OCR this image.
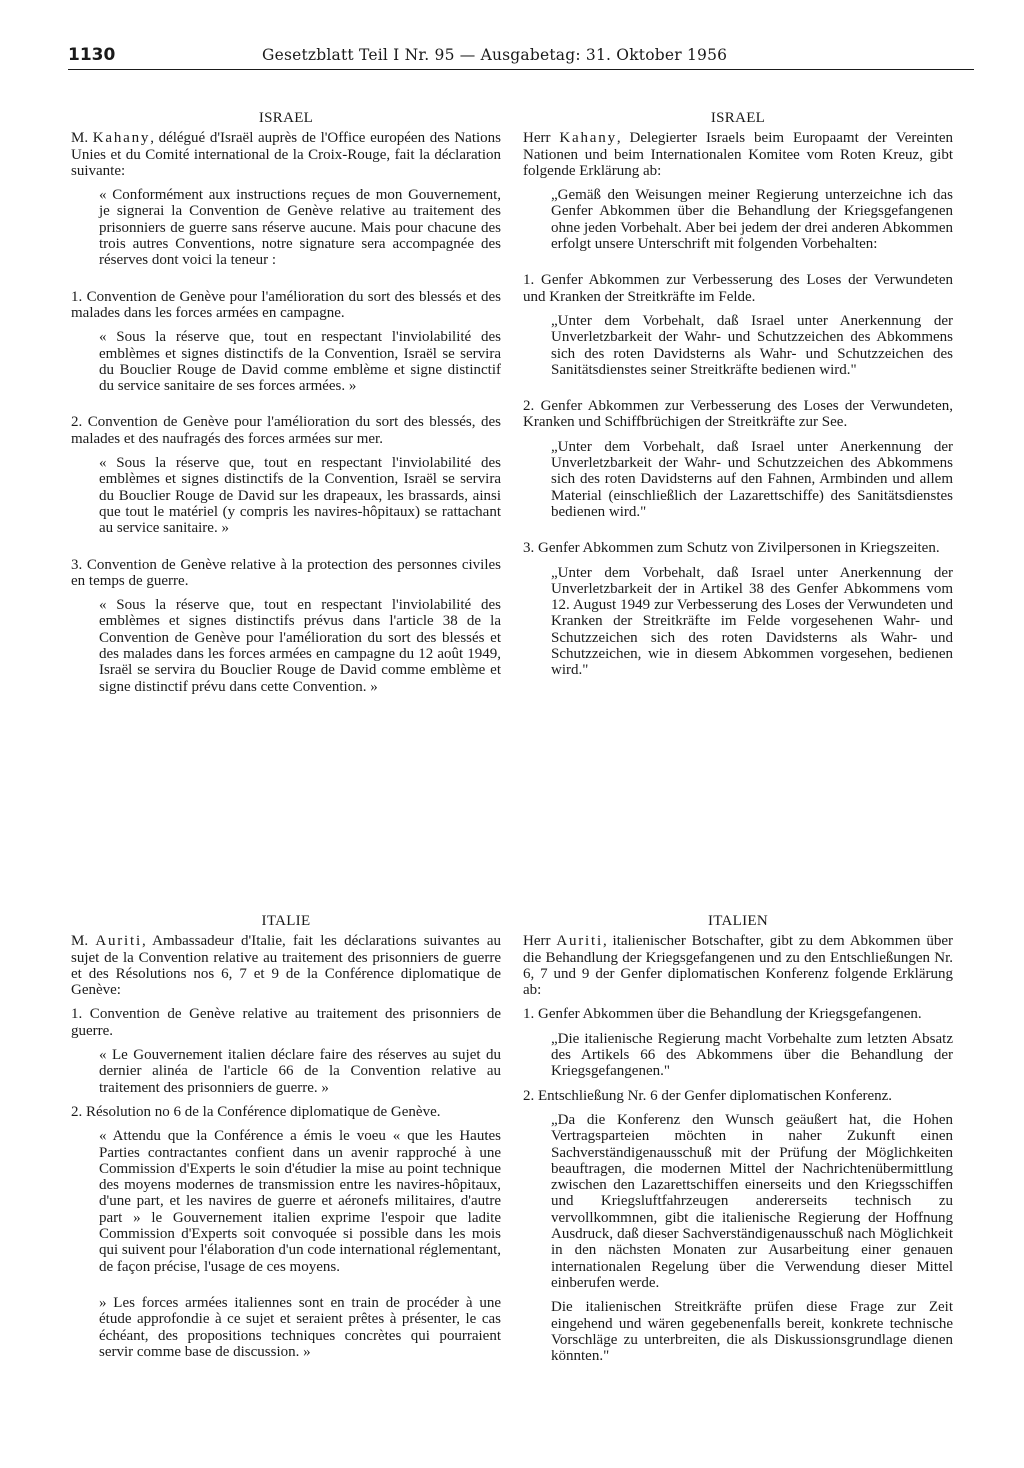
1130	Gesetzblatt Teil I Nr. 95 — Ausgabetag: 31. Oktober 1956
ISRAEL

M. Kahany, délégué d'Israël auprès de l'Office européen des Nations Unies et du Comité international de la Croix-Rouge, fait la déclaration suivante:

« Conformément aux instructions reçues de mon Gouvernement, je signerai la Convention de Genève relative au traitement des prisonniers de guerre sans réserve aucune. Mais pour chacune des trois autres Conventions, notre signature sera accompagnée des réserves dont voici la teneur :

1. Convention de Genève pour l'amélioration du sort des blessés et des malades dans les forces armées en campagne.

« Sous la réserve que, tout en respectant l'inviolabilité des emblèmes et signes distinctifs de la Convention, Israël se servira du Bouclier Rouge de David comme emblème et signe distinctif du service sanitaire de ses forces armées. »

2. Convention de Genève pour l'amélioration du sort des blessés, des malades et des naufragés des forces armées sur mer.

« Sous la réserve que, tout en respectant l'inviolabilité des emblèmes et signes distinctifs de la Convention, Israël se servira du Bouclier Rouge de David sur les drapeaux, les brassards, ainsi que tout le matériel (y compris les navires-hôpitaux) se rattachant au service sanitaire. »

3. Convention de Genève relative à la protection des personnes civiles en temps de guerre.

« Sous la réserve que, tout en respectant l'inviolabilité des emblèmes et signes distinctifs prévus dans l'article 38 de la Convention de Genève pour l'amélioration du sort des blessés et des malades dans les forces armées en campagne du 12 août 1949, Israël se servira du Bouclier Rouge de David comme emblème et signe distinctif prévu dans cette Convention. »

ISRAEL

Herr Kahany, Delegierter Israels beim Europaamt der Vereinten Nationen und beim Internationalen Komitee vom Roten Kreuz, gibt folgende Erklärung ab:

„Gemäß den Weisungen meiner Regierung unterzeichne ich das Genfer Abkommen über die Behandlung der Kriegsgefangenen ohne jeden Vorbehalt. Aber bei jedem der drei anderen Abkommen erfolgt unsere Unterschrift mit folgenden Vorbehalten:

1. Genfer Abkommen zur Verbesserung des Loses der Verwundeten und Kranken der Streitkräfte im Felde.

„Unter dem Vorbehalt, daß Israel unter Anerkennung der Unverletzbarkeit der Wahr- und Schutzzeichen des Abkommens sich des roten Davidsterns als Wahr- und Schutzzeichen des Sanitätsdienstes seiner Streitkräfte bedienen wird."

2. Genfer Abkommen zur Verbesserung des Loses der Verwundeten, Kranken und Schiffbrüchigen der Streitkräfte zur See.

„Unter dem Vorbehalt, daß Israel unter Anerkennung der Unverletzbarkeit der Wahr- und Schutzzeichen des Abkommens sich des roten Davidsterns auf den Fahnen, Armbinden und allem Material (einschließlich der Lazarettschiffe) des Sanitätsdienstes bedienen wird."

3. Genfer Abkommen zum Schutz von Zivilpersonen in Kriegszeiten.

„Unter dem Vorbehalt, daß Israel unter Anerkennung der Unverletzbarkeit der in Artikel 38 des Genfer Abkommens vom 12. August 1949 zur Verbesserung des Loses der Verwundeten und Kranken der Streitkräfte im Felde vorgesehenen Wahr- und Schutzzeichen sich des roten Davidsterns als Wahr- und Schutzzeichen, wie in diesem Abkommen vorgesehen, bedienen wird."

ITALIE

M. Auriti, Ambassadeur d'Italie, fait les déclarations suivantes au sujet de la Convention relative au traitement des prisonniers de guerre et des Résolutions nos 6, 7 et 9 de la Conférence diplomatique de Genève:

1. Convention de Genève relative au traitement des prisonniers de guerre.

« Le Gouvernement italien déclare faire des réserves au sujet du dernier alinéa de l'article 66 de la Convention relative au traitement des prisonniers de guerre. »

2. Résolution no 6 de la Conférence diplomatique de Genève.

« Attendu que la Conférence a émis le voeu « que les Hautes Parties contractantes confient dans un avenir rapproché à une Commission d'Experts le soin d'étudier la mise au point technique des moyens modernes de transmission entre les navires-hôpitaux, d'une part, et les navires de guerre et aéronefs militaires, d'autre part » le Gouvernement italien exprime l'espoir que ladite Commission d'Experts soit convoquée si possible dans les mois qui suivent pour l'élaboration d'un code international réglementant, de façon précise, l'usage de ces moyens.

» Les forces armées italiennes sont en train de procéder à une étude approfondie à ce sujet et seraient prêtes à présenter, le cas échéant, des propositions techniques concrètes qui pourraient servir comme base de discussion. »

ITALIEN

Herr Auriti, italienischer Botschafter, gibt zu dem Abkommen über die Behandlung der Kriegsgefangenen und zu den Entschließungen Nr. 6, 7 und 9 der Genfer diplomatischen Konferenz folgende Erklärung ab:

1. Genfer Abkommen über die Behandlung der Kriegsgefangenen.

„Die italienische Regierung macht Vorbehalte zum letzten Absatz des Artikels 66 des Abkommens über die Behandlung der Kriegsgefangenen."

2. Entschließung Nr. 6 der Genfer diplomatischen Konferenz.

„Da die Konferenz den Wunsch geäußert hat, die Hohen Vertragsparteien möchten in naher Zukunft einen Sachverständigenausschuß mit der Prüfung der Möglichkeiten beauftragen, die modernen Mittel der Nachrichtenübermittlung zwischen den Lazarettschiffen einerseits und den Kriegsschiffen und Kriegsluftfahrzeugen andererseits technisch zu vervollkommnen, gibt die italienische Regierung der Hoffnung Ausdruck, daß dieser Sachverständigenausschuß nach Möglichkeit in den nächsten Monaten zur Ausarbeitung einer genauen internationalen Regelung über die Verwendung dieser Mittel einberufen werde.

Die italienischen Streitkräfte prüfen diese Frage zur Zeit eingehend und wären gegebenenfalls bereit, konkrete technische Vorschläge zu unterbreiten, die als Diskussionsgrundlage dienen könnten."
